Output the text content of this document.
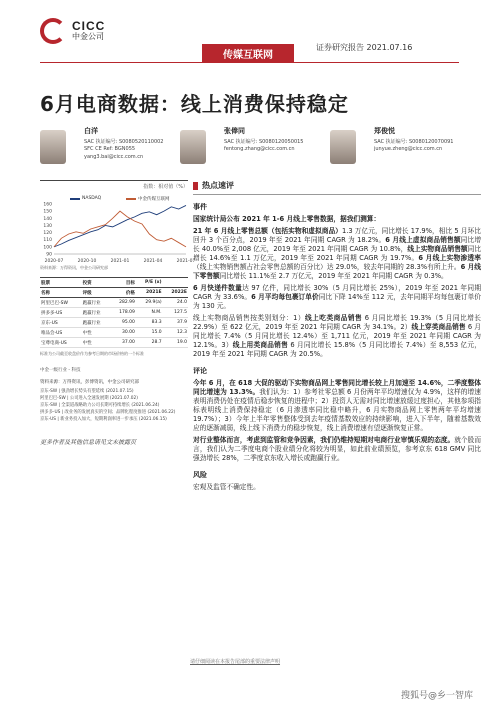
CICC
中金公司
传媒互联网
证券研究报告 2021.07.16
6月电商数据：线上消费保持稳定
白洋
SAC 执证编号: S0080520110002
SFC CE Ref: BGN055
yang3.bai@cicc.com.cn
张俸同
SAC 执证编号: S0080120050015
fentong.zhang@cicc.com.cn
郑俊悦
SAC 执证编号: S0080120070091
junyue.zheng@cicc.com.cn
指数：相对值（%）
NASDAQ	中金传媒互联网
160
150
140
130
120
110
100
90
2020-07	2020-10	2021-01	2021-04	2021-07
资料来源：万得资讯，中金公司研究部
股票	投资	目标	P/E (x)	
名称	评级	价格	2021E	2022E
阿里巴巴-SW	跑赢行业	282.99	29.9(a)	24.0
拼多多-US	跑赢行业	178.09	N.M.	127.5
京东-US	跑赢行业	95.00	83.3	37.9
唯品会-US	中性	30.00	15.0	12.3
宝尊电商-US	中性	37.00	28.7	19.0
标准为公司截至收盘价作为参考日期的市场价格的一个标准
中金一级行业 - 科技
资料来源：万得资讯，彭博资讯，中金公司研究部
京东-SW | 强劲增长势头有望延续 (2021.07.15)
阿里巴巴-SW | 公司进入全速发展期 (2021.07.02)
京东-SW | 全渠道战略助力公司长期可持续增长 (2021.06.24)
拼多多-US | 改业务的发展真实的空间；品牌化程度推进 (2021.06.22)
京东-US | 新业务投入加大，短期利润率进一步承压 (2021.06.15)
更多作者及其他信息请见文末披露页
热点速评
事件
国家统计局公布 2021 年 1-6 月线上零售数据，据我们测算：
21 年 6 月线上零售总额（包括实物和虚拟商品）1.3 万亿元，同比增长 17.9%，相比 5 月环比回升 3 个百分点，2019 年至 2021 年同期 CAGR 为 18.2%。6 月线上虚拟商品销售额同比增长 40.0%至 2,008 亿元，2019 年至 2021 年同期 CAGR 为 10.8%，线上实物商品销售额同比增长 14.6%至 1.1 万亿元，2019 年至 2021 年同期 CAGR 为 19.7%。6 月线上实物渗透率（线上实物销售额占社会零售总额的百分比）达 29.0%，较去年同期的 28.3%有所上升。6 月线下零售额同比增长 11.1%至 2.7 万亿元，2019 年至 2021 年同期 CAGR 为 0.3%。
6 月快递件数量达 97 亿件，同比增长 30%（5 月同比增长 25%），2019 年至 2021 年同期 CAGR 为 33.6%。6 月平均每包裹订单价同比下降 14%至 112 元，去年同期平均每包裹订单价为 130 元。
线上实物商品销售按类别划分：1）线上吃类商品销售 6 月同比增长 19.3%（5 月同比增长 22.9%）至 622 亿元，2019 年至 2021 年同期 CAGR 为 34.1%。2）线上穿类商品销售 6 月同比增长 7.4%（5 月同比增长 12.4%）至 1,711 亿元，2019 年至 2021 年同期 CAGR 为 12.1%。3）线上用类商品销售 6 月同比增长 15.8%（5 月同比增长 7.4%）至 8,553 亿元，2019 年至 2021 年同期 CAGR 为 20.5%。
评论
今年 6 月，在 618 大促的驱动下实物商品网上零售同比增长较上月加速至 14.6%，二季度整体同比增速为 13.3%。我们认为：1）参考社零总额 6 月份两年平均增速仅为 4.9%，这样的增速表明消费仍处在疫情后稳步恢复的进程中；2）投资人无需对同比增速放缓过度担心，其他参项指标表明线上消费保持稳定（6 月渗透率同比稳中略升，6 月实物商品网上零售两年平均增速 19.7%）；3）今年上半年零售整体受到去年疫情基数效应的持续影响，进入下半年，随着基数效应的逐渐减弱，线上线下消费力的稳步恢复，线上消费增速有望逐渐恢复正常。
对行业整体而言，考虑到监管和竞争因素，我们仍维持短期对电商行业审慎乐观的态度。就个股而言，我们认为二季度电商个股业绩分化将较为明显，如此前业绩预览，参考京东 618 GMV 同比强劲增长 28%，二季度京东收入增长或跑赢行业。
风险
宏观及监管不确定性。
请仔细阅读在本报告尾部的重要法律声明
搜狐号@乡一智库
